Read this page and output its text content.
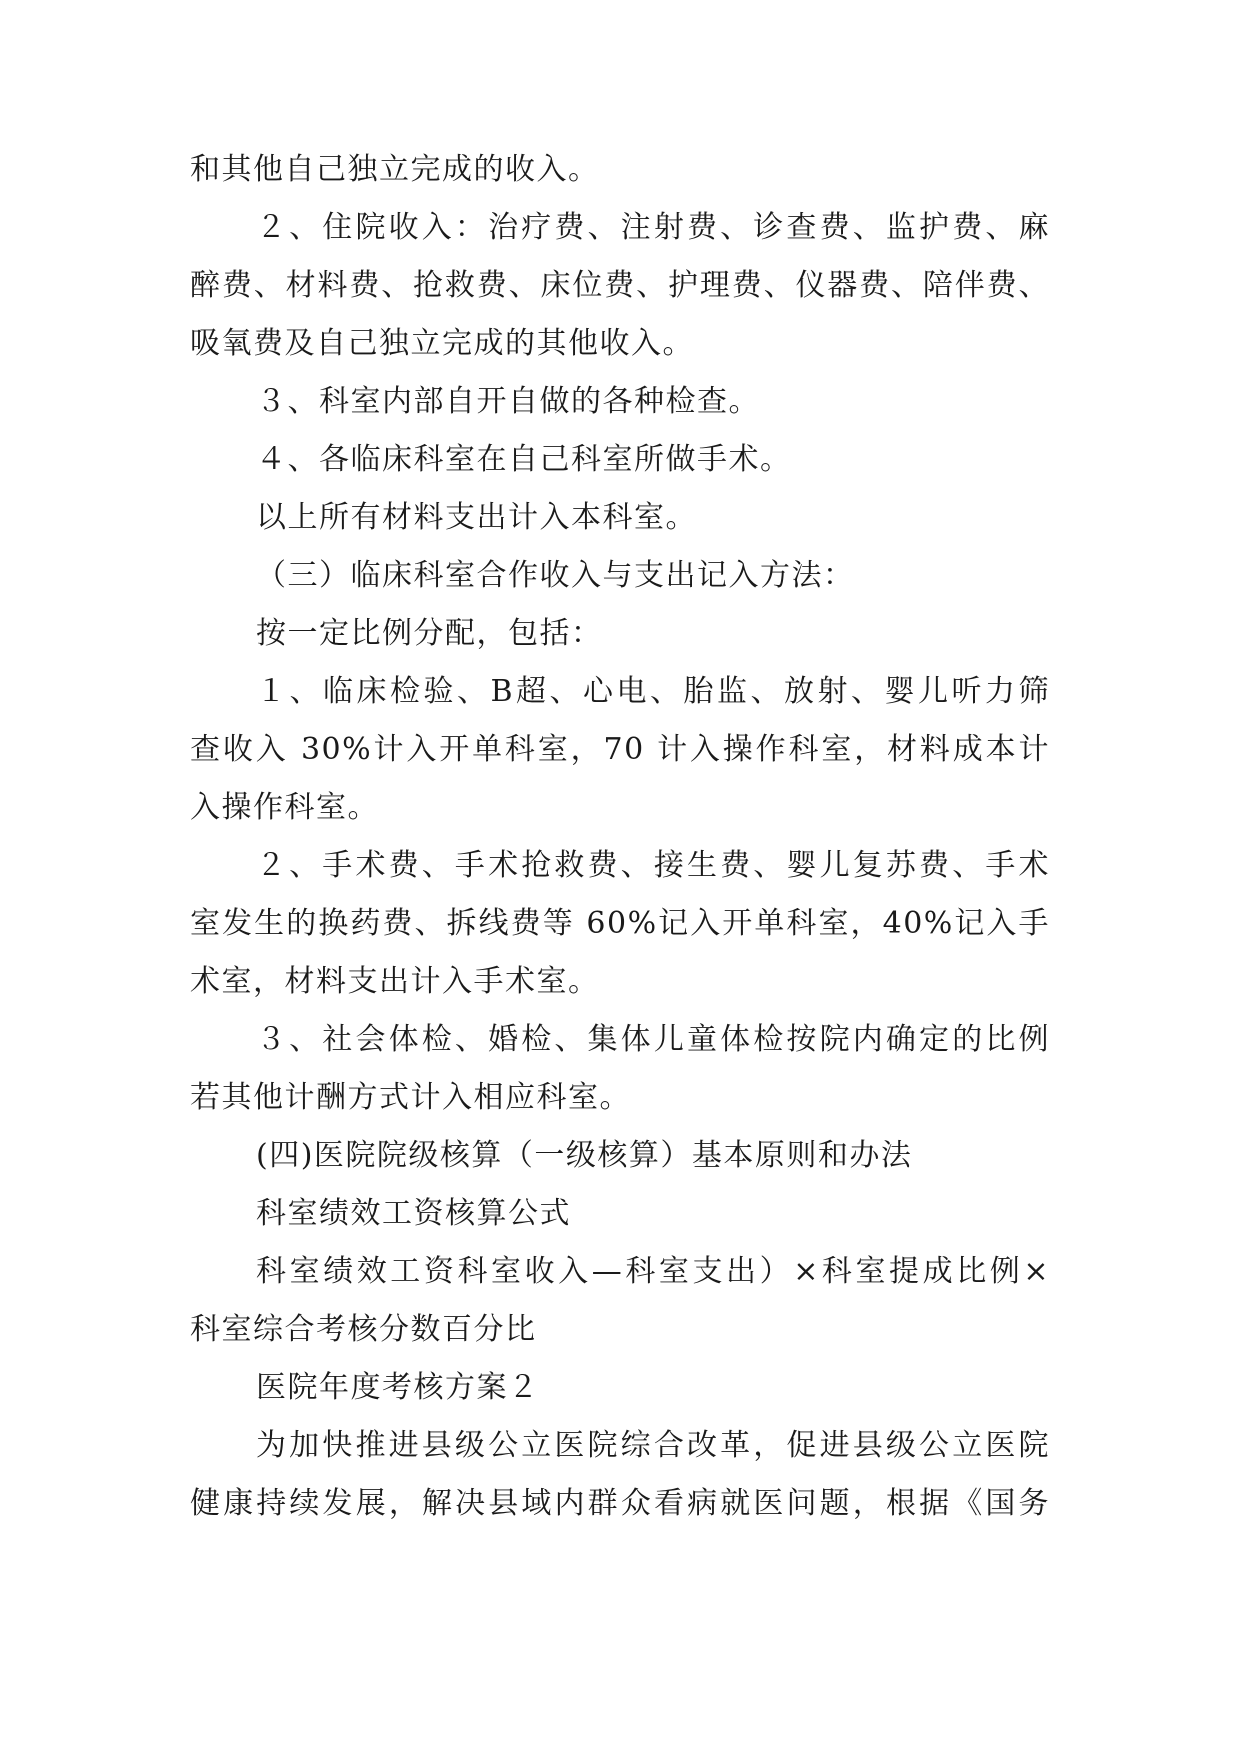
和其他自己独立完成的收入。
２、住院收入：治疗费、注射费、诊查费、监护费、麻
醉费、材料费、抢救费、床位费、护理费、仪器费、陪伴费、
吸氧费及自己独立完成的其他收入。
３、科室内部自开自做的各种检查。
４、各临床科室在自己科室所做手术。
以上所有材料支出计入本科室。
（三）临床科室合作收入与支出记入方法：
按一定比例分配，包括：
１、临床检验、B超、心电、胎监、放射、婴儿听力筛
查收入 30%计入开单科室，70 计入操作科室，材料成本计
入操作科室。
２、手术费、手术抢救费、接生费、婴儿复苏费、手术
室发生的换药费、拆线费等 60%记入开单科室，40%记入手
术室，材料支出计入手术室。
３、社会体检、婚检、集体儿童体检按院内确定的比例
若其他计酬方式计入相应科室。
(四)医院院级核算（一级核算）基本原则和办法
科室绩效工资核算公式
科室绩效工资科室收入—科室支出）×科室提成比例×
科室综合考核分数百分比
医院年度考核方案２
为加快推进县级公立医院综合改革，促进县级公立医院
健康持续发展，解决县域内群众看病就医问题，根据《国务
